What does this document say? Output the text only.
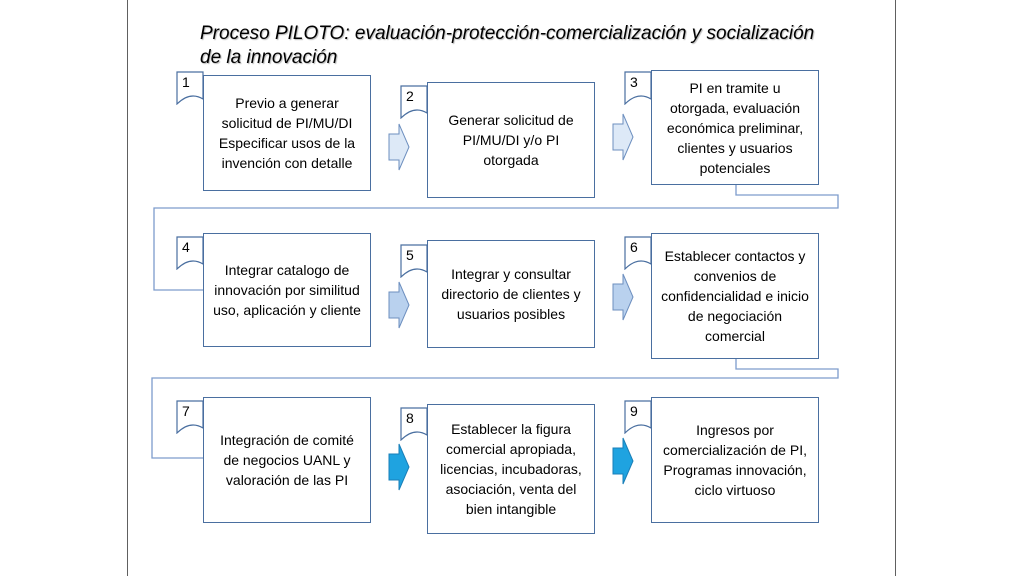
Proceso PILOTO: evaluación-protección-comercialización y socialización de la innovación
Previo a generar solicitud de PI/MU/DI Especificar usos de la invención con detalle
Generar solicitud de PI/MU/DI y/o PI otorgada
PI en tramite u otorgada, evaluación económica preliminar, clientes y usuarios potenciales
Integrar catalogo de innovación por similitud uso, aplicación y cliente
Integrar y consultar directorio de clientes y usuarios posibles
Establecer contactos y convenios de confidencialidad e inicio de negociación comercial
Integración de comité de negocios UANL y valoración de las PI
Establecer la figura comercial apropiada, licencias, incubadoras, asociación, venta del bien intangible
Ingresos por comercialización de PI, Programas innovación, ciclo virtuoso
1
2
3
4	5	6
7	8	9
